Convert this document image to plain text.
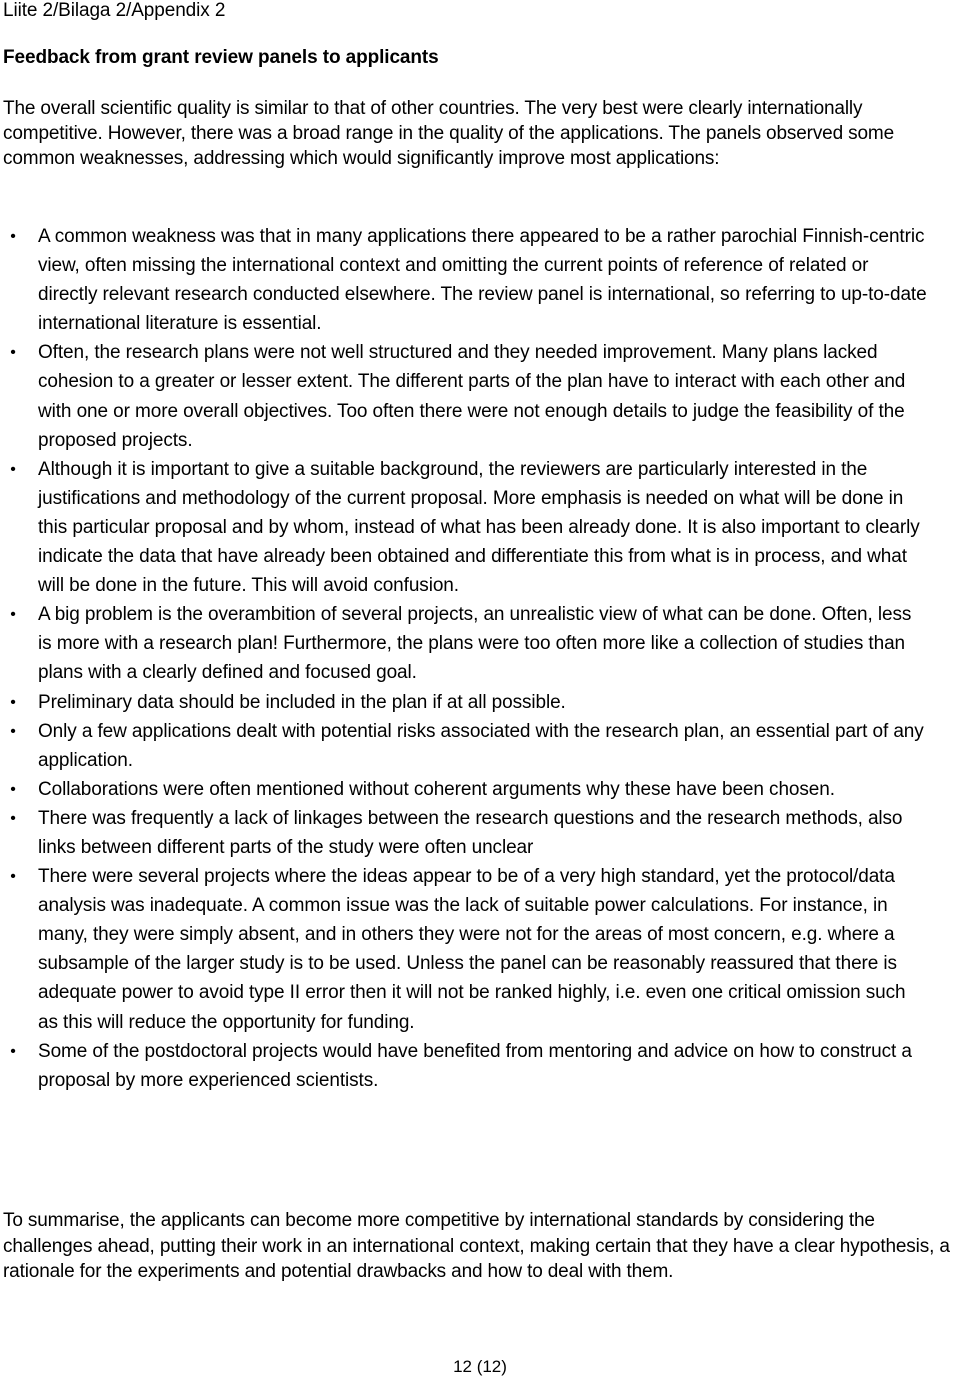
Liite 2/Bilaga 2/Appendix 2
Feedback from grant review panels to applicants
The overall scientific quality is similar to that of other countries. The very best were clearly internationally competitive. However, there was a broad range in the quality of the applications. The panels observed some common weaknesses, addressing which would significantly improve most applications:
•	A common weakness was that in many applications there appeared to be a rather parochial Finnish-centric view, often missing the international context and omitting the current points of reference of related or directly relevant research conducted elsewhere. The review panel is international, so referring to up-to-date international literature is essential.
•	Often, the research plans were not well structured and they needed improvement. Many plans lacked cohesion to a greater or lesser extent. The different parts of the plan have to interact with each other and with one or more overall objectives. Too often there were not enough details to judge the feasibility of the proposed projects.
•	Although it is important to give a suitable background, the reviewers are particularly interested in the justifications and methodology of the current proposal. More emphasis is needed on what will be done in this particular proposal and by whom, instead of what has been already done. It is also important to clearly indicate the data that have already been obtained and differentiate this from what is in process, and what will be done in the future. This will avoid confusion.
•	A big problem is the overambition of several projects, an unrealistic view of what can be done. Often, less is more with a research plan! Furthermore, the plans were too often more like a collection of studies than plans with a clearly defined and focused goal.
•	Preliminary data should be included in the plan if at all possible.
•	Only a few applications dealt with potential risks associated with the research plan, an essential part of any application.
•	Collaborations were often mentioned without coherent arguments why these have been chosen.
•	There was frequently a lack of linkages between the research questions and the research methods, also links between different parts of the study were often unclear
•	There were several projects where the ideas appear to be of a very high standard, yet the protocol/data analysis was inadequate. A common issue was the lack of suitable power calculations. For instance, in many, they were simply absent, and in others they were not for the areas of most concern, e.g. where a subsample of the larger study is to be used. Unless the panel can be reasonably reassured that there is adequate power to avoid type II error then it will not be ranked highly, i.e. even one critical omission such as this will reduce the opportunity for funding.
•	Some of the postdoctoral projects would have benefited from mentoring and advice on how to construct a proposal by more experienced scientists.
To summarise, the applicants can become more competitive by international standards by considering the challenges ahead, putting their work in an international context, making certain that they have a clear hypothesis, a rationale for the experiments and potential drawbacks and how to deal with them.
12 (12)
